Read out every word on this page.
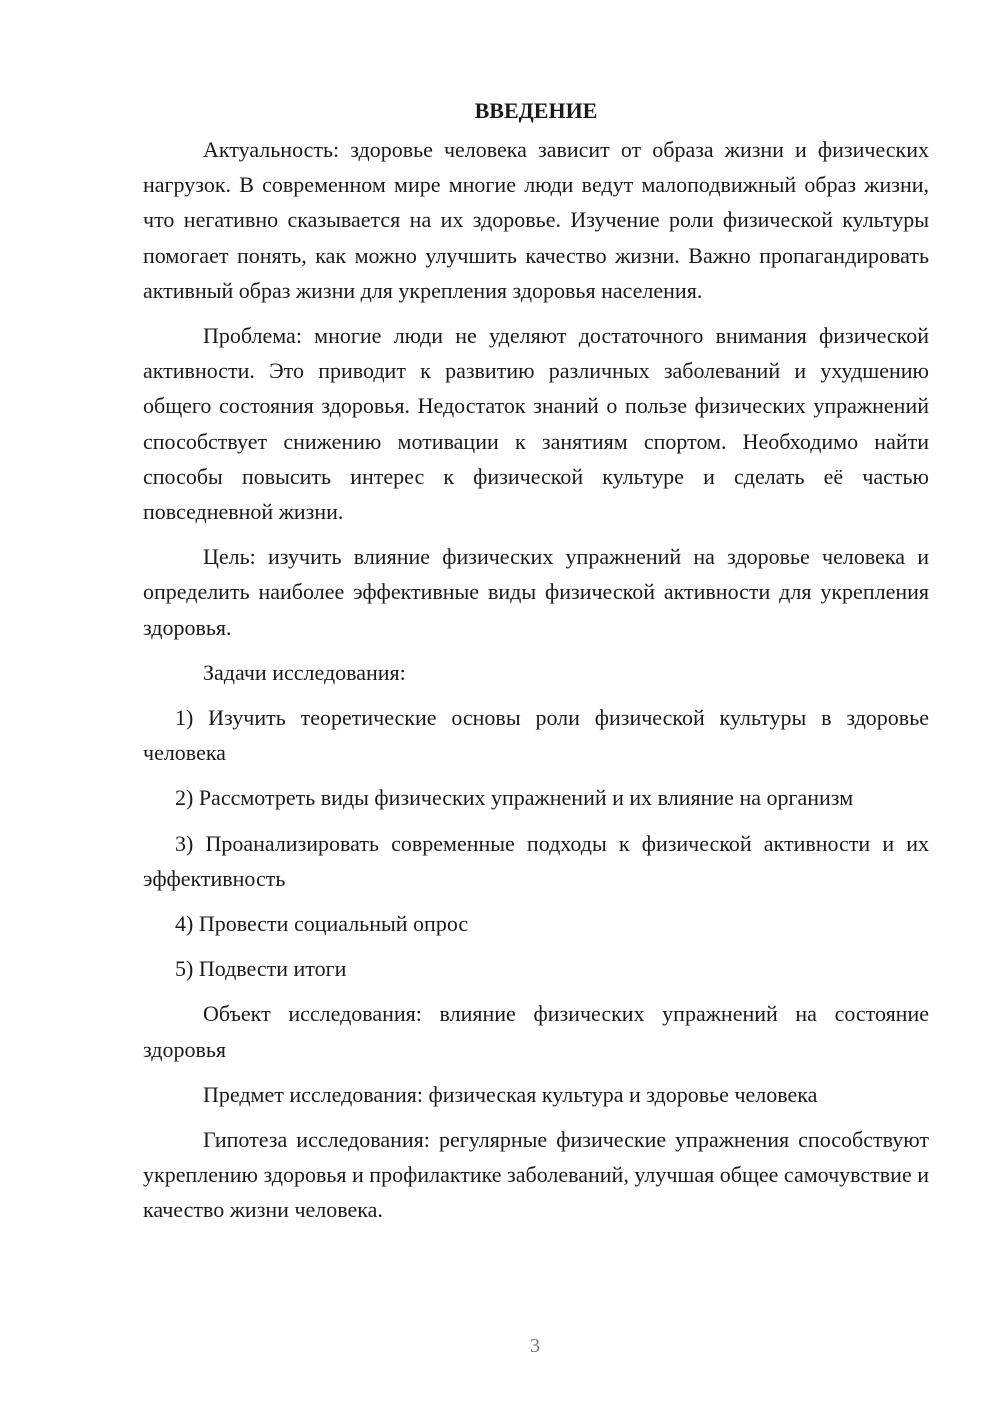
ВВЕДЕНИЕ

Актуальность: здоровье человека зависит от образа жизни и физических нагрузок. В современном мире многие люди ведут малоподвижный образ жизни, что негативно сказывается на их здоровье. Изучение роли физической культуры помогает понять, как можно улучшить качество жизни. Важно пропагандировать активный образ жизни для укрепления здоровья населения.

Проблема: многие люди не уделяют достаточного внимания физической активности. Это приводит к развитию различных заболеваний и ухудшению общего состояния здоровья. Недостаток знаний о пользе физических упражнений способствует снижению мотивации к занятиям спортом. Необходимо найти способы повысить интерес к физической культуре и сделать её частью повседневной жизни.

Цель: изучить влияние физических упражнений на здоровье человека и определить наиболее эффективные виды физической активности для укрепления здоровья.

Задачи исследования:

1) Изучить теоретические основы роли физической культуры в здоровье человека

2) Рассмотреть виды физических упражнений и их влияние на организм

3) Проанализировать современные подходы к физической активности и их эффективность

4) Провести социальный опрос

5) Подвести итоги

Объект исследования: влияние физических упражнений на состояние здоровья

Предмет исследования: физическая культура и здоровье человека

Гипотеза исследования: регулярные физические упражнения способствуют укреплению здоровья и профилактике заболеваний, улучшая общее самочувствие и качество жизни человека.

3
